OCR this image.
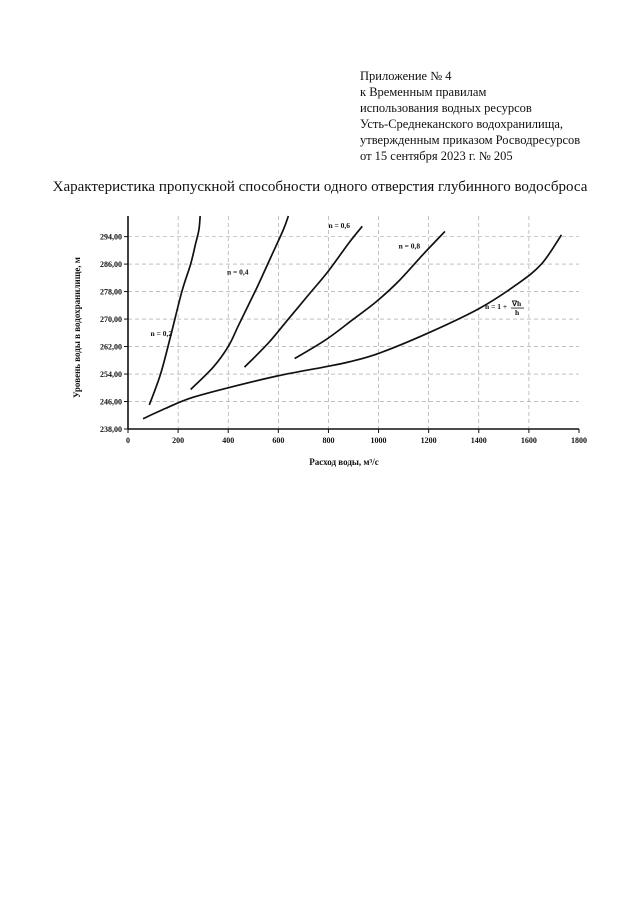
Приложение № 4
к Временным правилам
использования водных ресурсов
Усть-Среднеканского водохранилища,
утвержденным приказом Росводресурсов
от 15 сентября 2023 г. № 205
Характеристика пропускной способности одного отверстия глубинного водосброса
238,00
246,00
254,00
262,00
270,00
278,00
286,00
294,00
0	200	400	600	800	1000	1200	1400	1600	1800
Расход воды, м³/с
Уровень воды в водохранилище, м	n = 0,2
n = 0,4
n = 0,6
n = 0,8
n = 1 + ∇h
h
